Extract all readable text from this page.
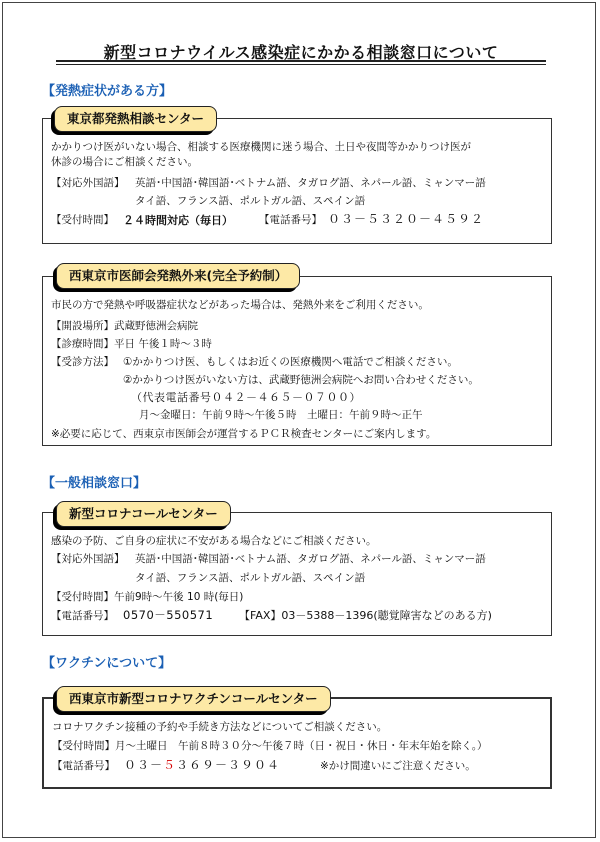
新型コロナウイルス感染症にかかる相談窓口について
【発熱症状がある方】
かかりつけ医がいない場合、相談する医療機関に迷う場合、土日や夜間等かかりつけ医が
休診の場合にご相談ください。
【対応外国語】 英語･中国語･韓国語･ベトナム語、タガログ語、ネパール語、ミャンマー語
タイ語、フランス語、ポルトガル語、スペイン語
【受付時間】 ２４時間対応（毎日） 【電話番号】 ０３－５３２０－４５９２
東京都発熱相談センター
市民の方で発熱や呼吸器症状などがあった場合は、発熱外来をご利用ください。
【開設場所】武蔵野徳洲会病院
【診療時間】平日 午後１時～３時
【受診方法】 ①かかりつけ医、もしくはお近くの医療機関へ電話でご相談ください。
②かかりつけ医がいない方は、武蔵野徳洲会病院へお問い合わせください。
（代表電話番号０４２－４６５－０７００）
月～金曜日：午前９時～午後５時　土曜日：午前９時～正午
※必要に応じて、西東京市医師会が運営するＰＣＲ検査センターにご案内します。
西東京市医師会発熱外来(完全予約制）
【一般相談窓口】
感染の予防、ご自身の症状に不安がある場合などにご相談ください。
【対応外国語】 英語･中国語･韓国語･ベトナム語、タガログ語、ネパール語、ミャンマー語
タイ語、フランス語、ポルトガル語、スペイン語
【受付時間】午前9時～午後 10 時(毎日)
【電話番号】 0570－550571 【FAX】03－5388－1396(聴覚障害などのある方)
新型コロナコールセンター
【ワクチンについて】
コロナワクチン接種の予約や手続き方法などについてご相談ください。
【受付時間】月～土曜日　午前８時３０分～午後７時（日・祝日・休日・年末年始を除く。）
【電話番号】 ０３－５３６９－３９０４	※かけ間違いにご注意ください。
西東京市新型コロナワクチンコールセンター
